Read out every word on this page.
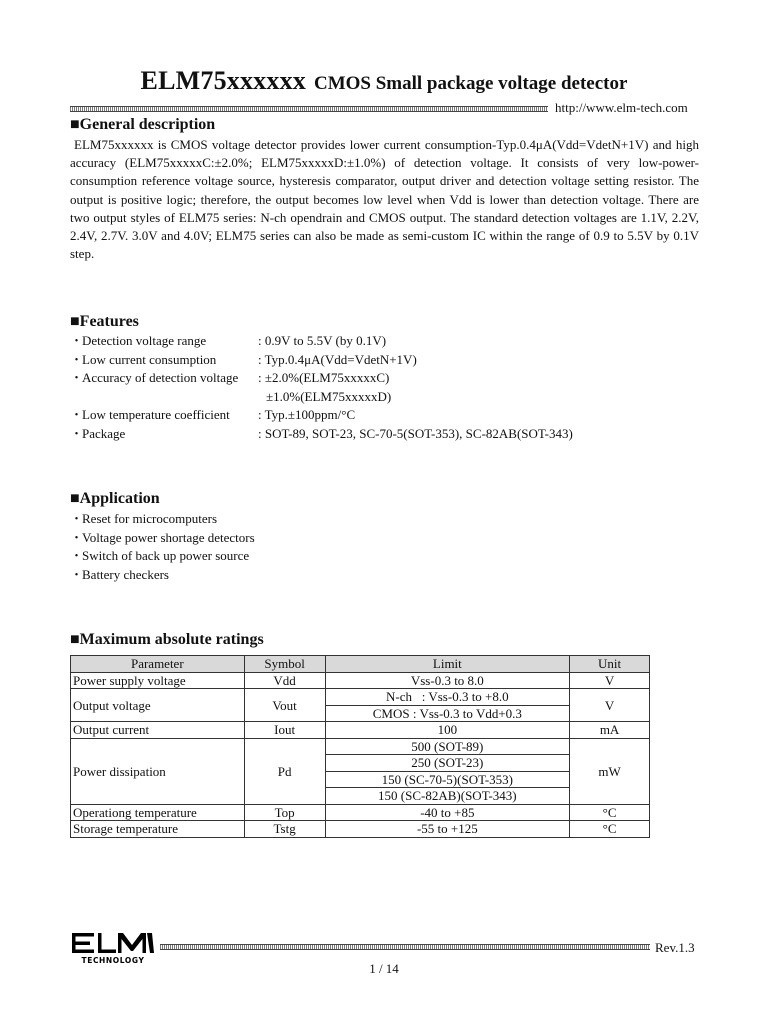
ELM75xxxxxx CMOS Small package voltage detector
http://www.elm-tech.com
■General description
ELM75xxxxxx is CMOS voltage detector provides lower current consumption-Typ.0.4μA(Vdd=VdetN+1V) and high accuracy (ELM75xxxxxC:±2.0%; ELM75xxxxxD:±1.0%) of detection voltage. It consists of very low-power-consumption reference voltage source, hysteresis comparator, output driver and detection voltage setting resistor. The output is positive logic; therefore, the output becomes low level when Vdd is lower than detection voltage. There are two output styles of ELM75 series: N-ch opendrain and CMOS output. The standard detection voltages are 1.1V, 2.2V, 2.4V, 2.7V. 3.0V and 4.0V; ELM75 series can also be made as semi-custom IC within the range of 0.9 to 5.5V by 0.1V step.
■Features
・
Detection voltage range	: 0.9V to 5.5V (by 0.1V)
・
Low current consumption	: Typ.0.4μA(Vdd=VdetN+1V)
・
Accuracy of detection voltage	: ±2.0%(ELM75xxxxxC)
±1.0%(ELM75xxxxxD)
・
Low temperature coefficient	: Typ.±100ppm/°C
・
Package	: SOT-89, SOT-23, SC-70-5(SOT-353), SC-82AB(SOT-343)
■Application
・
Reset for microcomputers
・
Voltage power shortage detectors
・
Switch of back up power source
・
Battery checkers
■Maximum absolute ratings
Parameter	Symbol	Limit	Unit
Power supply voltage	Vdd	Vss-0.3 to 8.0	V
Output voltage	Vout	N-ch   : Vss-0.3 to +8.0	V
		CMOS : Vss-0.3 to Vdd+0.3	
Output current	Iout	100	mA
Power dissipation	Pd	500 (SOT-89)	mW
		250 (SOT-23)	
		150 (SC-70-5)(SOT-353)	
		150 (SC-82AB)(SOT-343)	
Operationg temperature	Top	-40 to +85	°C
Storage temperature	Tstg	-55 to +125	°C
TECHNOLOGY
Rev.1.3
1 / 14
